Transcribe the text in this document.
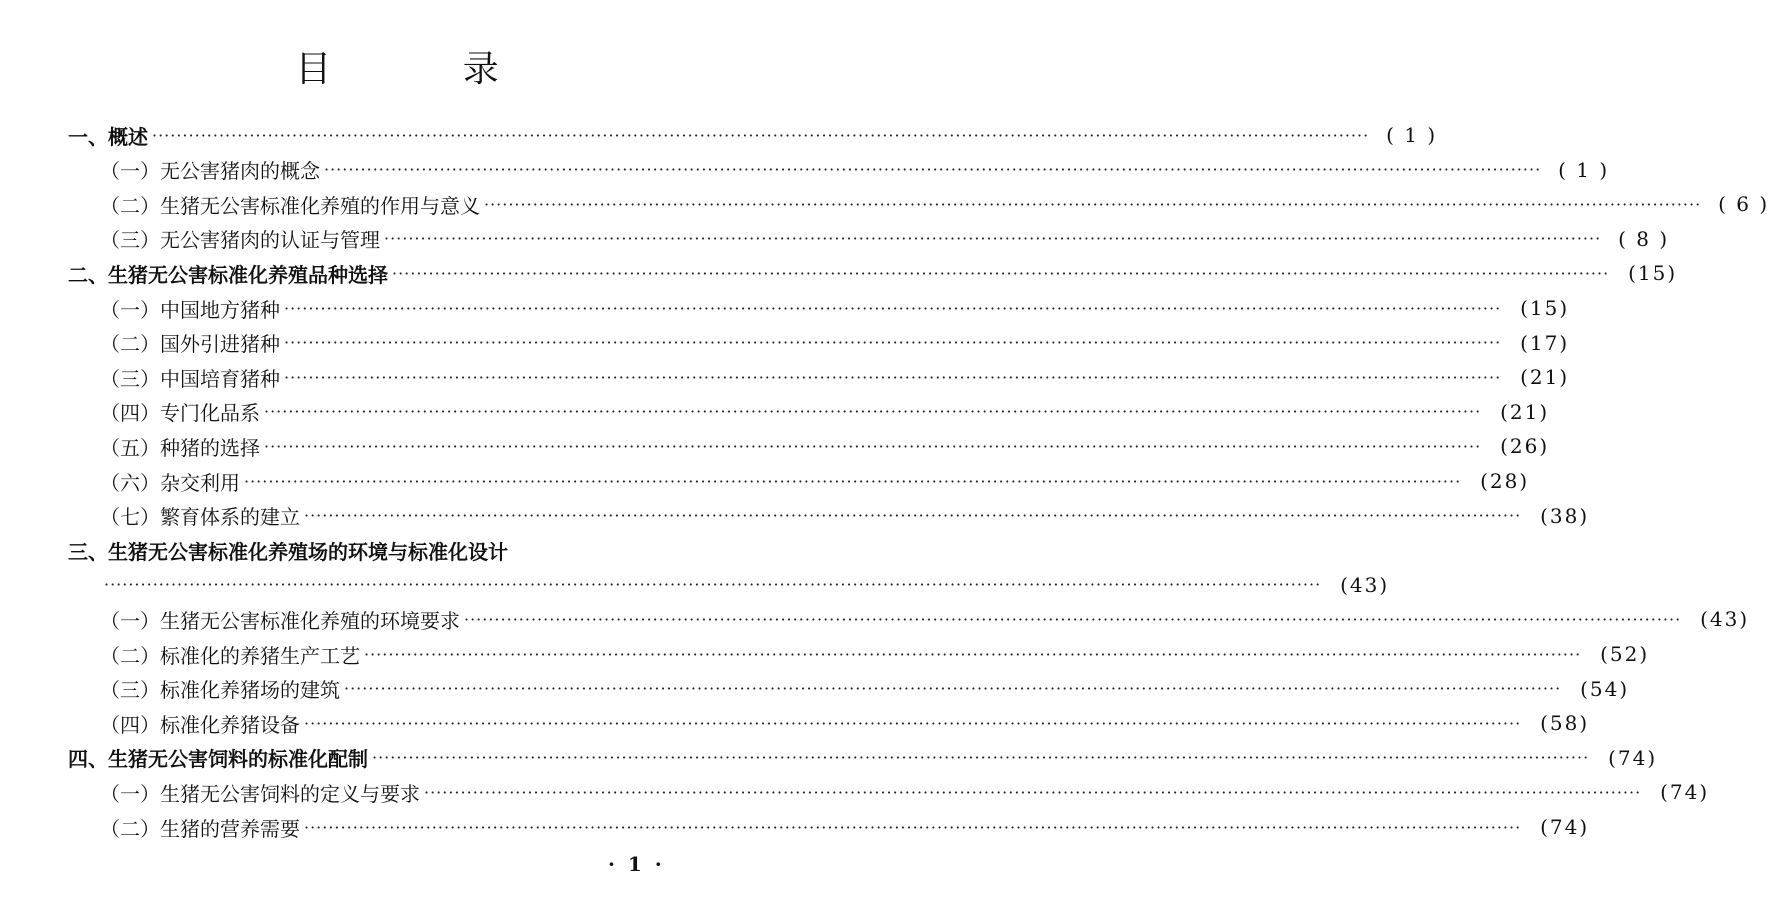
目 录
一、概述 ········································································································································································································ ( 1 )
（一）无公害猪肉的概念 ········································································································································································································ ( 1 )
（二）生猪无公害标准化养殖的作用与意义 ········································································································································································································ ( 6 )
（三）无公害猪肉的认证与管理 ········································································································································································································ ( 8 )
二、生猪无公害标准化养殖品种选择 ········································································································································································································ (15)
（一）中国地方猪种 ········································································································································································································ (15)
（二）国外引进猪种 ········································································································································································································ (17)
（三）中国培育猪种 ········································································································································································································ (21)
（四）专门化品系 ········································································································································································································ (21)
（五）种猪的选择 ········································································································································································································ (26)
（六）杂交利用 ········································································································································································································ (28)
（七）繁育体系的建立 ········································································································································································································ (38)
三、生猪无公害标准化养殖场的环境与标准化设计
········································································································································································································ (43)
（一）生猪无公害标准化养殖的环境要求 ········································································································································································································ (43)
（二）标准化的养猪生产工艺 ········································································································································································································ (52)
（三）标准化养猪场的建筑 ········································································································································································································ (54)
（四）标准化养猪设备 ········································································································································································································ (58)
四、生猪无公害饲料的标准化配制 ········································································································································································································ (74)
（一）生猪无公害饲料的定义与要求 ········································································································································································································ (74)
（二）生猪的营养需要 ········································································································································································································ (74)
· 1 ·
